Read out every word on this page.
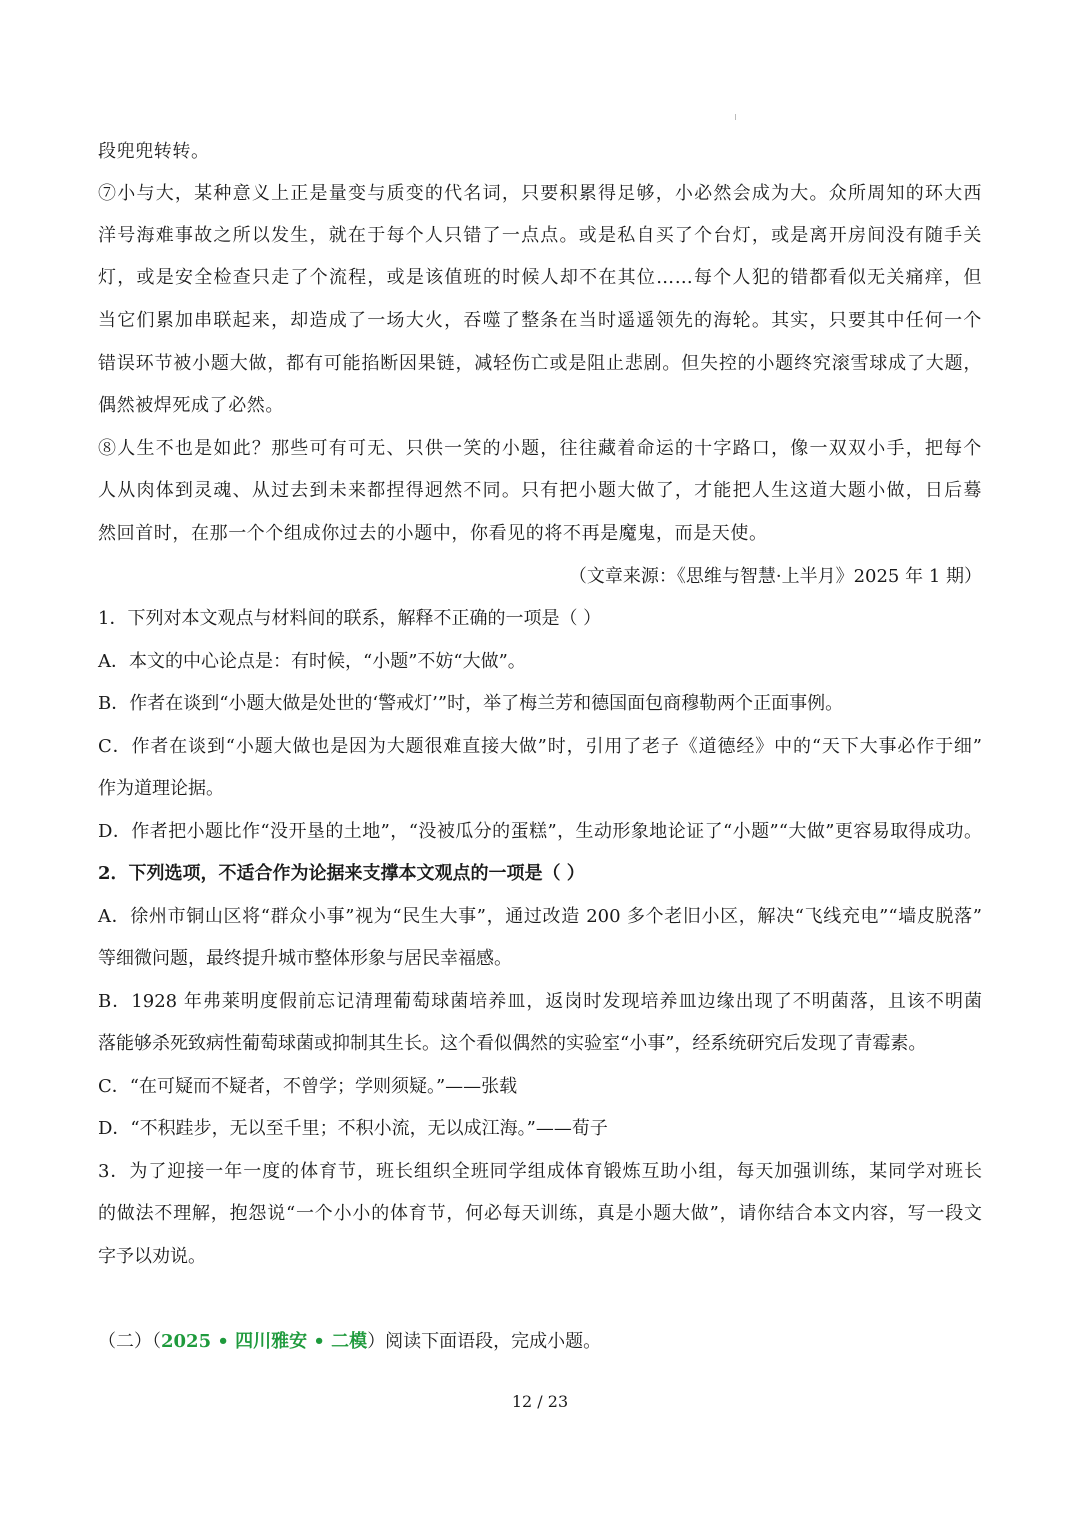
段兜兜转转。
⑦小与大，某种意义上正是量变与质变的代名词，只要积累得足够，小必然会成为大。众所周知的环大西
洋号海难事故之所以发生，就在于每个人只错了一点点。或是私自买了个台灯，或是离开房间没有随手关
灯，或是安全检查只走了个流程，或是该值班的时候人却不在其位……每个人犯的错都看似无关痛痒，但
当它们累加串联起来，却造成了一场大火，吞噬了整条在当时遥遥领先的海轮。其实，只要其中任何一个
错误环节被小题大做，都有可能掐断因果链，减轻伤亡或是阻止悲剧。但失控的小题终究滚雪球成了大题，
偶然被焊死成了必然。
⑧人生不也是如此？那些可有可无、只供一笑的小题，往往藏着命运的十字路口，像一双双小手，把每个
人从肉体到灵魂、从过去到未来都捏得迥然不同。只有把小题大做了，才能把人生这道大题小做，日后蓦
然回首时，在那一个个组成你过去的小题中，你看见的将不再是魔鬼，而是天使。
（文章来源：《思维与智慧·上半月》2025 年 1 期）
1．下列对本文观点与材料间的联系，解释不正确的一项是（ ）
A．本文的中心论点是：有时候，“小题”不妨“大做”。
B．作者在谈到“小题大做是处世的‘警戒灯’”时，举了梅兰芳和德国面包商穆勒两个正面事例。
C．作者在谈到“小题大做也是因为大题很难直接大做”时，引用了老子《道德经》中的“天下大事必作于细”
作为道理论据。
D．作者把小题比作“没开垦的土地”，“没被瓜分的蛋糕”，生动形象地论证了“小题”“大做”更容易取得成功。
2．下列选项，不适合作为论据来支撑本文观点的一项是（ ）
A．徐州市铜山区将“群众小事”视为“民生大事”，通过改造 200 多个老旧小区，解决“飞线充电”“墙皮脱落”
等细微问题，最终提升城市整体形象与居民幸福感。
B．1928 年弗莱明度假前忘记清理葡萄球菌培养皿，返岗时发现培养皿边缘出现了不明菌落，且该不明菌
落能够杀死致病性葡萄球菌或抑制其生长。这个看似偶然的实验室“小事”，经系统研究后发现了青霉素。
C．“在可疑而不疑者，不曾学；学则须疑。”——张载
D．“不积跬步，无以至千里；不积小流，无以成江海。”——荀子
3．为了迎接一年一度的体育节，班长组织全班同学组成体育锻炼互助小组，每天加强训练，某同学对班长
的做法不理解，抱怨说“一个小小的体育节，何必每天训练，真是小题大做”，请你结合本文内容，写一段文
字予以劝说。
（二）（2025 • 四川雅安 • 二模）阅读下面语段，完成小题。
12 / 23
